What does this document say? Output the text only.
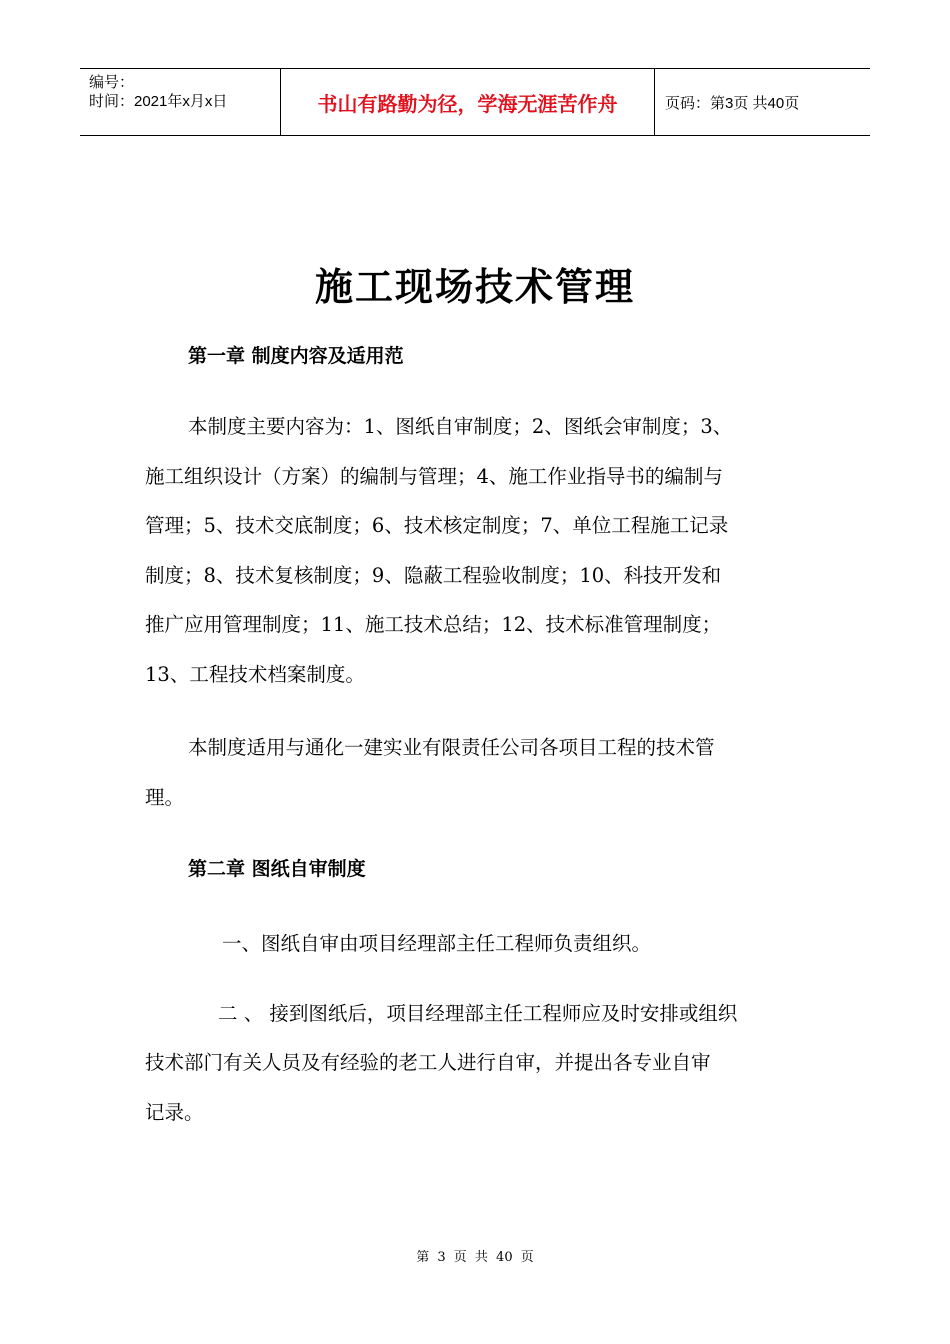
编号：
时间：2021年x月x日	书山有路勤为径，学海无涯苦作舟	页码：第3页 共40页
施工现场技术管理
第一章 制度内容及适用范
本制度主要内容为：1、图纸自审制度；2、图纸会审制度；3、
施工组织设计（方案）的编制与管理；4、施工作业指导书的编制与
管理；5、技术交底制度；6、技术核定制度；7、单位工程施工记录
制度；8、技术复核制度；9、隐蔽工程验收制度；10、科技开发和
推广应用管理制度；11、施工技术总结；12、技术标准管理制度；
13、工程技术档案制度。
本制度适用与通化一建实业有限责任公司各项目工程的技术管
理。
第二章 图纸自审制度
一、图纸自审由项目经理部主任工程师负责组织。
二 、 接到图纸后，项目经理部主任工程师应及时安排或组织
技术部门有关人员及有经验的老工人进行自审，并提出各专业自审
记录。
第 3 页 共 40 页
